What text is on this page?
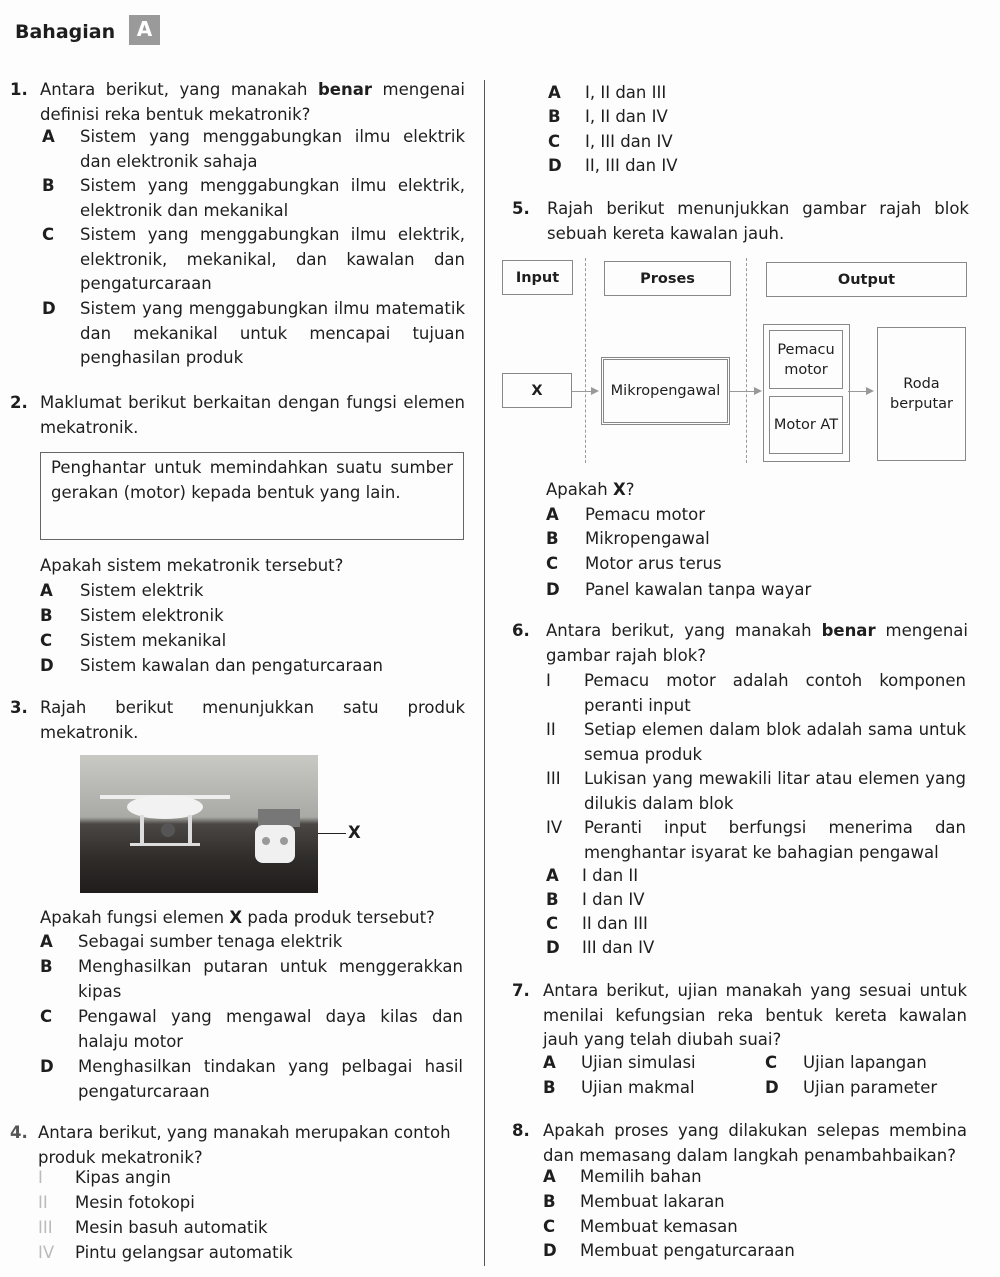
Bahagian	A
1. Antara berikut, yang manakah benar mengenai definisi reka bentuk mekatronik?
A Sistem yang menggabungkan ilmu elektrik dan elektronik sahaja
B Sistem yang menggabungkan ilmu elektrik, elektronik dan mekanikal
C Sistem yang menggabungkan ilmu elektrik, elektronik, mekanikal, dan kawalan dan pengaturcaraan
D Sistem yang menggabungkan ilmu matematik dan mekanikal untuk mencapai tujuan penghasilan produk
2. Maklumat berikut berkaitan dengan fungsi elemen mekatronik.
Penghantar untuk memindahkan suatu sumber gerakan (motor) kepada bentuk yang lain.
Apakah sistem mekatronik tersebut?
A Sistem elektrik
B Sistem elektronik
C Sistem mekanikal
D Sistem kawalan dan pengaturcaraan
3. Rajah berikut menunjukkan satu produk mekatronik.
X
Apakah fungsi elemen X pada produk tersebut?
A Sebagai sumber tenaga elektrik
B Menghasilkan putaran untuk menggerakkan kipas
C Pengawal yang mengawal daya kilas dan halaju motor
D Menghasilkan tindakan yang pelbagai hasil pengaturcaraan
4. Antara berikut, yang manakah merupakan contoh produk mekatronik?
I Kipas angin
II Mesin fotokopi
III Mesin basuh automatik
IV Pintu gelangsar automatik
A I, II dan III
B I, II dan IV
C I, III dan IV
D II, III dan IV
5. Rajah berikut menunjukkan gambar rajah blok sebuah kereta kawalan jauh.
Input	Proses	Output
X	Mikropengawal
Pemacu motor
Motor AT
Roda berputar
Apakah X?
A Pemacu motor
B Mikropengawal
C Motor arus terus
D Panel kawalan tanpa wayar
6. Antara berikut, yang manakah benar mengenai gambar rajah blok?
I Pemacu motor adalah contoh komponen peranti input
II Setiap elemen dalam blok adalah sama untuk semua produk
III Lukisan yang mewakili litar atau elemen yang dilukis dalam blok
IV Peranti input berfungsi menerima dan menghantar isyarat ke bahagian pengawal
A I dan II
B I dan IV
C II dan III
D III dan IV
7. Antara berikut, ujian manakah yang sesuai untuk menilai kefungsian reka bentuk kereta kawalan jauh yang telah diubah suai?
A Ujian simulasi	C Ujian lapangan
B Ujian makmal	D Ujian parameter
8. Apakah proses yang dilakukan selepas membina dan memasang dalam langkah penambahbaikan?
A Memilih bahan
B Membuat lakaran
C Membuat kemasan
D Membuat pengaturcaraan
